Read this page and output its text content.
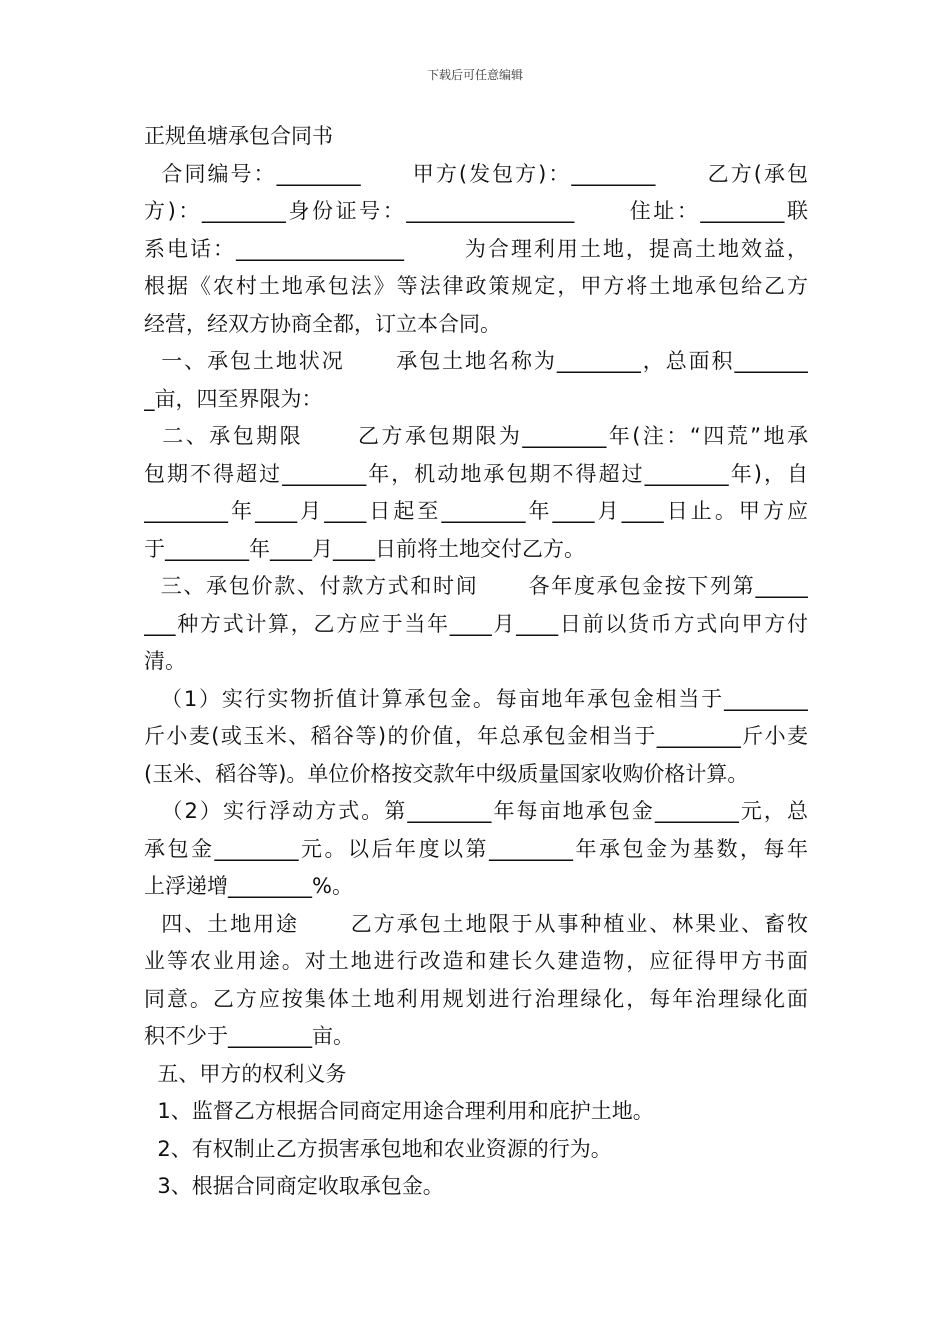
下载后可任意编辑
正规鱼塘承包合同书
合同编号：________      甲方(发包方)：________      乙方(承包
方)：________身份证号：________________      住址：________联
系电话：________________       为合理利用土地，提高土地效益，
根据《农村土地承包法》等法律政策规定，甲方将土地承包给乙方
经营，经双方协商全都，订立本合同。
一、承包土地状况      承包土地名称为________，总面积_______
_亩，四至界限为：
二、承包期限      乙方承包期限为________年(注：“四荒”地承
包期不得超过________年，机动地承包期不得超过________年)，自
________年____月____日起至________年____月____日止。甲方应
于________年____月____日前将土地交付乙方。
三、承包价款、付款方式和时间      各年度承包金按下列第_____
___种方式计算，乙方应于当年____月____日前以货币方式向甲方付
清。
（1）实行实物折值计算承包金。每亩地年承包金相当于________
斤小麦(或玉米、稻谷等)的价值，年总承包金相当于________斤小麦
(玉米、稻谷等)。单位价格按交款年中级质量国家收购价格计算。
（2）实行浮动方式。第________年每亩地承包金________元，总
承包金________元。以后年度以第________年承包金为基数，每年
上浮递增________%。
四、土地用途      乙方承包土地限于从事种植业、林果业、畜牧
业等农业用途。对土地进行改造和建长久建造物，应征得甲方书面
同意。乙方应按集体土地利用规划进行治理绿化，每年治理绿化面
积不少于________亩。
五、甲方的权利义务
1、监督乙方根据合同商定用途合理利用和庇护土地。
2、有权制止乙方损害承包地和农业资源的行为。
3、根据合同商定收取承包金。
